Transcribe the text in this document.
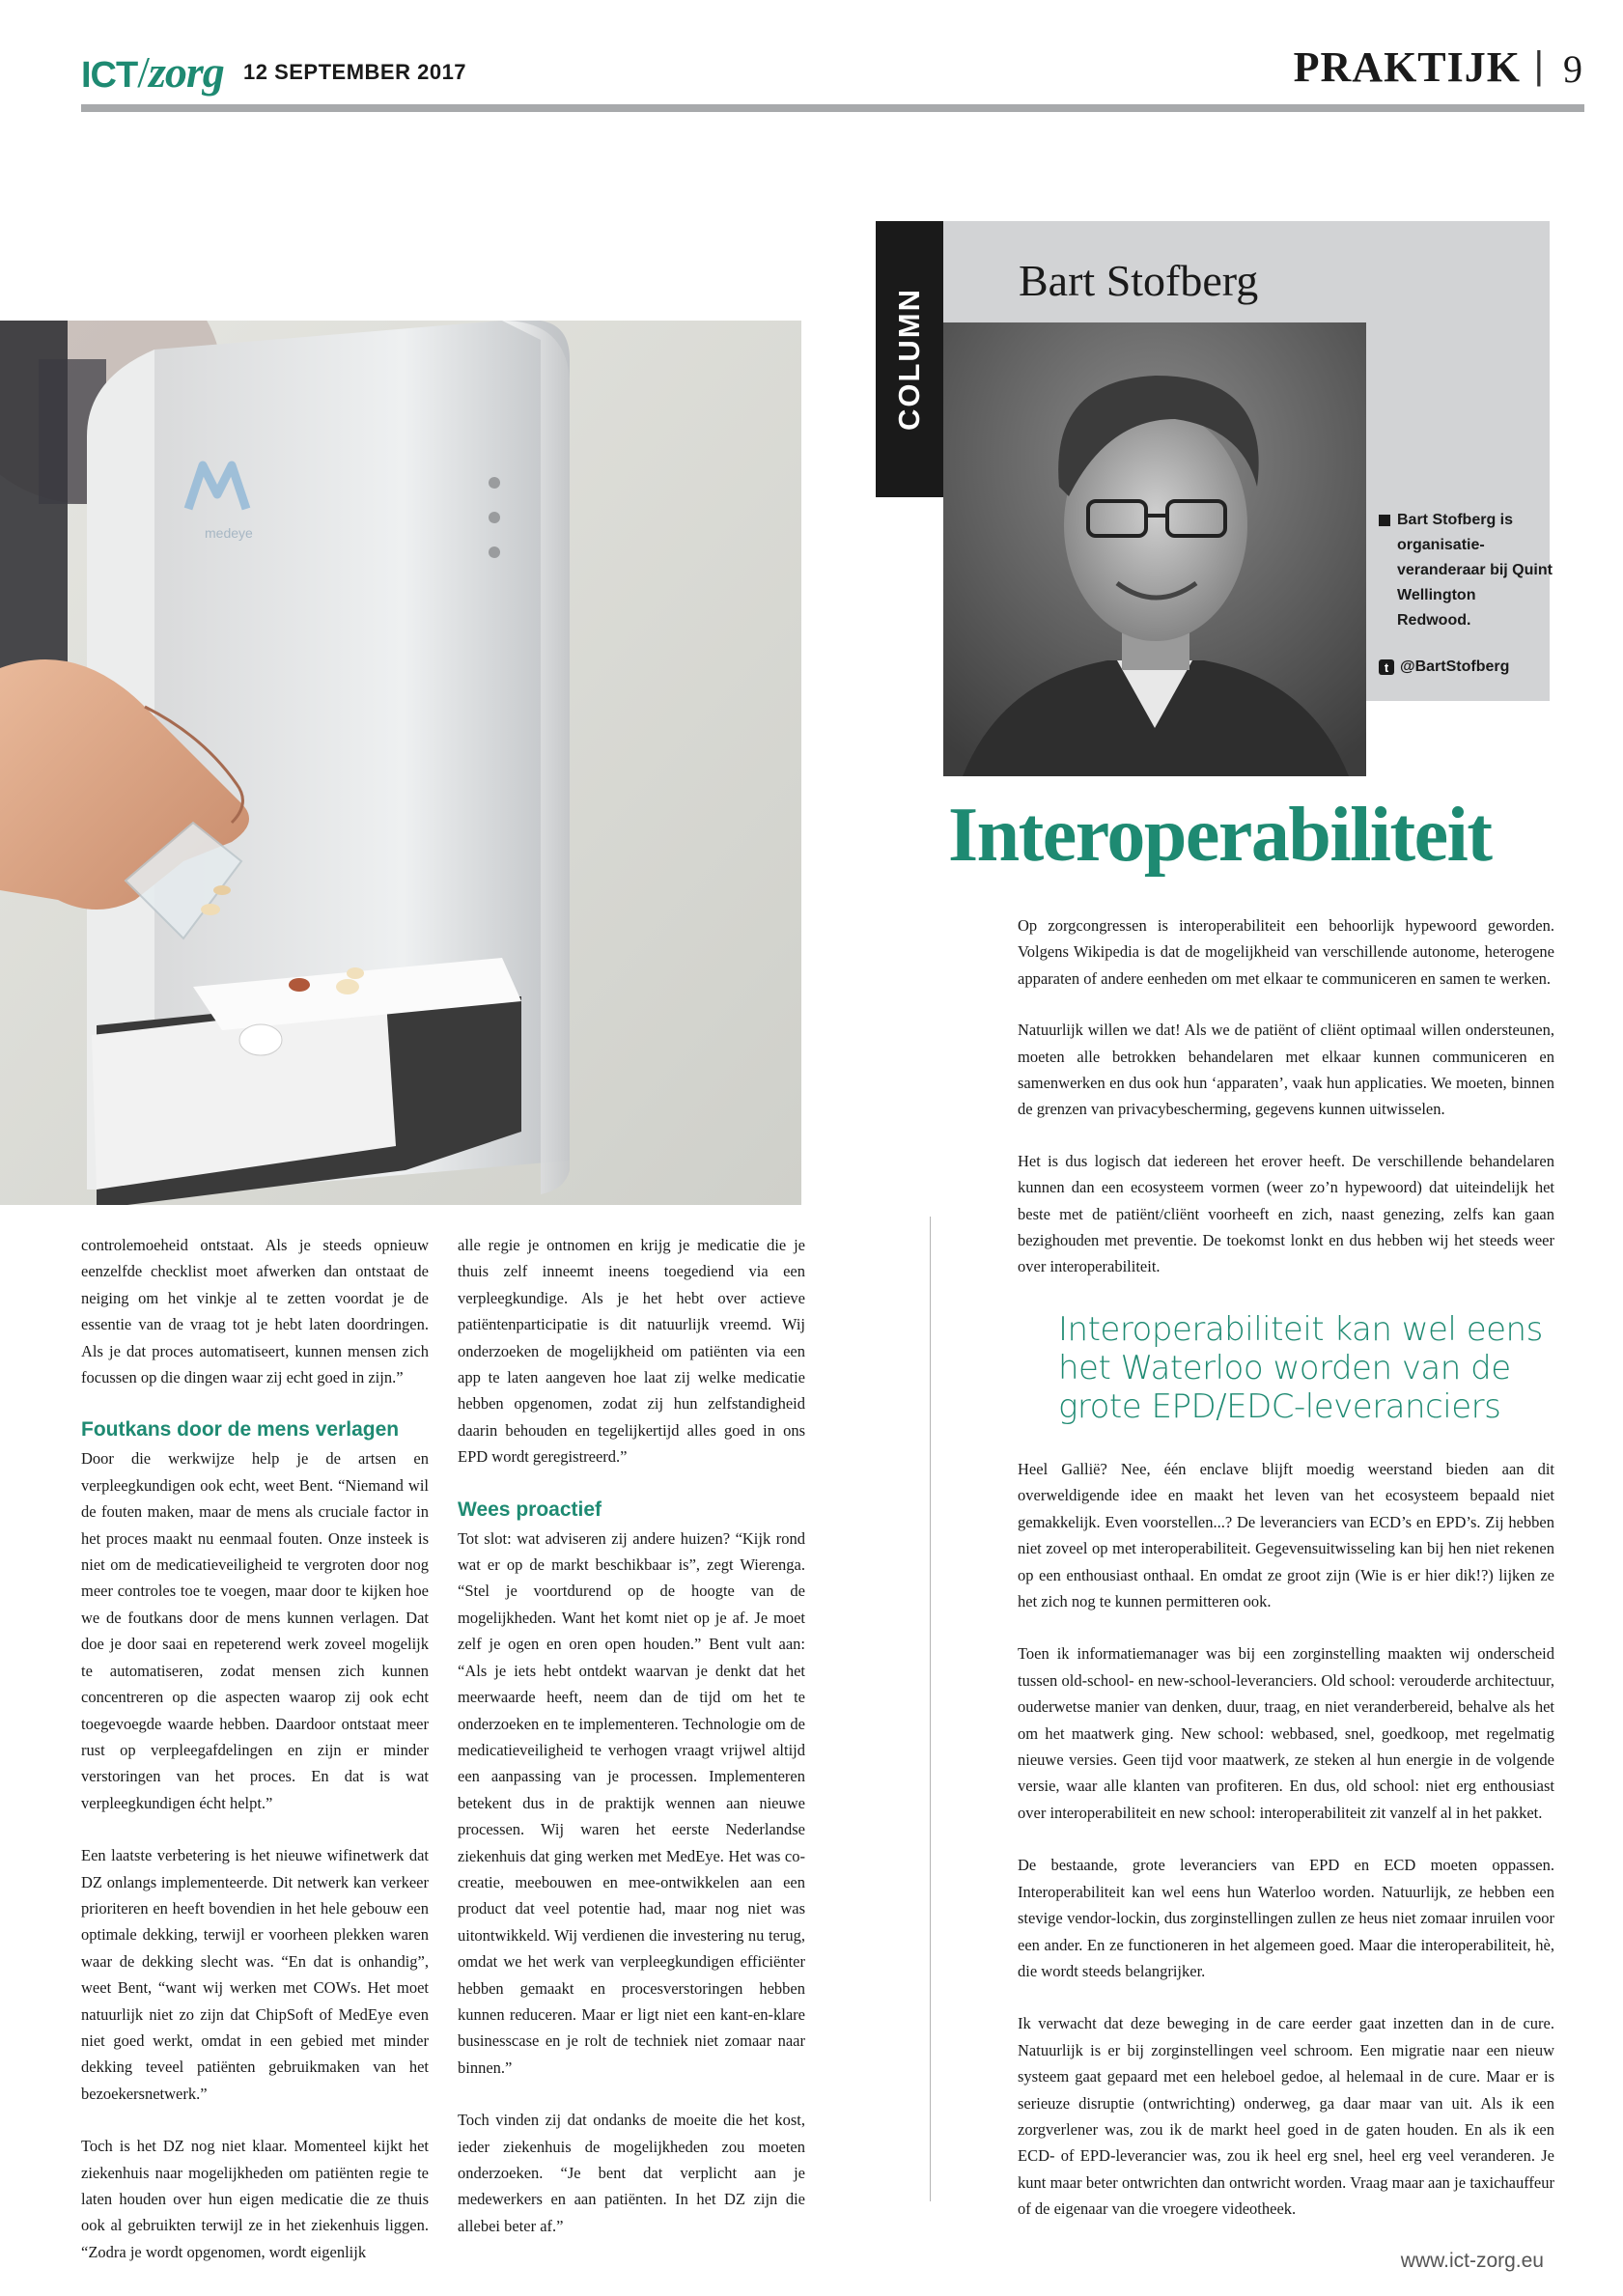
ICT/zorg 12 SEPTEMBER 2017	PRAKTIJK | 9
medeye
COLUMN
Bart Stofberg
Bart Stofberg is organisatie-veranderaar bij Quint Wellington Redwood.
t @BartStofberg
Interoperabiliteit

Op zorgcongressen is interoperabiliteit een behoorlijk hypewoord geworden. Volgens Wikipedia is dat de mogelijkheid van verschillende autonome, heterogene apparaten of andere eenheden om met elkaar te communiceren en samen te werken.

Natuurlijk willen we dat! Als we de patiënt of cliënt optimaal willen ondersteunen, moeten alle betrokken behandelaren met elkaar kunnen communiceren en samenwerken en dus ook hun ‘apparaten’, vaak hun applicaties. We moeten, binnen de grenzen van privacybescherming, gegevens kunnen uitwisselen.

Het is dus logisch dat iedereen het erover heeft. De verschillende behandelaren kunnen dan een ecosysteem vormen (weer zo’n hypewoord) dat uiteindelijk het beste met de patiënt/cliënt voorheeft en zich, naast genezing, zelfs kan gaan bezighouden met preventie. De toekomst lonkt en dus hebben wij het steeds weer over interoperabiliteit.

Interoperabiliteit kan wel eens het Waterloo worden van de grote EPD/EDC-leveranciers

Heel Gallië? Nee, één enclave blijft moedig weerstand bieden aan dit overweldigende idee en maakt het leven van het ecosysteem bepaald niet gemakkelijk. Even voorstellen...? De leveranciers van ECD’s en EPD’s. Zij hebben niet zoveel op met interoperabiliteit. Gegevensuitwisseling kan bij hen niet rekenen op een enthousiast onthaal. En omdat ze groot zijn (Wie is er hier dik!?) lijken ze het zich nog te kunnen permitteren ook.

Toen ik informatiemanager was bij een zorginstelling maakten wij onderscheid tussen old-school- en new-school-leveranciers. Old school: verouderde architectuur, ouderwetse manier van denken, duur, traag, en niet veranderbereid, behalve als het om het maatwerk ging. New school: webbased, snel, goedkoop, met regelmatig nieuwe versies. Geen tijd voor maatwerk, ze steken al hun energie in de volgende versie, waar alle klanten van profiteren. En dus, old school: niet erg enthousiast over interoperabiliteit en new school: interoperabiliteit zit vanzelf al in het pakket.

De bestaande, grote leveranciers van EPD en ECD moeten oppassen. Interoperabiliteit kan wel eens hun Waterloo worden. Natuurlijk, ze hebben een stevige vendor-lockin, dus zorginstellingen zullen ze heus niet zomaar inruilen voor een ander. En ze functioneren in het algemeen goed. Maar die interoperabiliteit, hè, die wordt steeds belangrijker.

Ik verwacht dat deze beweging in de care eerder gaat inzetten dan in de cure. Natuurlijk is er bij zorginstellingen veel schroom. Een migratie naar een nieuw systeem gaat gepaard met een heleboel gedoe, al helemaal in de cure. Maar er is serieuze disruptie (ontwrichting) onderweg, ga daar maar van uit. Als ik een zorgverlener was, zou ik de markt heel goed in de gaten houden. En als ik een ECD- of EPD-leverancier was, zou ik heel erg snel, heel erg veel veranderen. Je kunt maar beter ontwrichten dan ontwricht worden. Vraag maar aan je taxichauffeur of de eigenaar van die vroegere videotheek.

controlemoeheid ontstaat. Als je steeds opnieuw eenzelfde checklist moet afwerken dan ontstaat de neiging om het vinkje al te zetten voordat je de essentie van de vraag tot je hebt laten doordringen. Als je dat proces automatiseert, kunnen mensen zich focussen op die dingen waar zij echt goed in zijn.”

Foutkans door de mens verlagen

Door die werkwijze help je de artsen en verpleegkundigen ook echt, weet Bent. “Niemand wil de fouten maken, maar de mens als cruciale factor in het proces maakt nu eenmaal fouten. Onze insteek is niet om de medicatieveiligheid te vergroten door nog meer controles toe te voegen, maar door te kijken hoe we de foutkans door de mens kunnen verlagen. Dat doe je door saai en repeterend werk zoveel mogelijk te automatiseren, zodat mensen zich kunnen concentreren op die aspecten waarop zij ook echt toegevoegde waarde hebben. Daardoor ontstaat meer rust op verpleegafdelingen en zijn er minder verstoringen van het proces. En dat is wat verpleegkundigen écht helpt.”

Een laatste verbetering is het nieuwe wifinetwerk dat DZ onlangs implementeerde. Dit netwerk kan verkeer prioriteren en heeft bovendien in het hele gebouw een optimale dekking, terwijl er voorheen plekken waren waar de dekking slecht was. “En dat is onhandig”, weet Bent, “want wij werken met COWs. Het moet natuurlijk niet zo zijn dat ChipSoft of MedEye even niet goed werkt, omdat in een gebied met minder dekking teveel patiënten gebruikmaken van het bezoekersnetwerk.”

Toch is het DZ nog niet klaar. Momenteel kijkt het ziekenhuis naar mogelijkheden om patiënten regie te laten houden over hun eigen medicatie die ze thuis ook al gebruikten terwijl ze in het ziekenhuis liggen. “Zodra je wordt opgenomen, wordt eigenlijk

alle regie je ontnomen en krijg je medicatie die je thuis zelf inneemt ineens toegediend via een verpleegkundige. Als je het hebt over actieve patiëntenparticipatie is dit natuurlijk vreemd. Wij onderzoeken de mogelijkheid om patiënten via een app te laten aangeven hoe laat zij welke medicatie hebben opgenomen, zodat zij hun zelfstandigheid daarin behouden en tegelijkertijd alles goed in ons EPD wordt geregistreerd.”

Wees proactief

Tot slot: wat adviseren zij andere huizen? “Kijk rond wat er op de markt beschikbaar is”, zegt Wierenga. “Stel je voortdurend op de hoogte van de mogelijkheden. Want het komt niet op je af. Je moet zelf je ogen en oren open houden.” Bent vult aan: “Als je iets hebt ontdekt waarvan je denkt dat het meerwaarde heeft, neem dan de tijd om het te onderzoeken en te implementeren. Technologie om de medicatieveiligheid te verhogen vraagt vrijwel altijd een aanpassing van je processen. Implementeren betekent dus in de praktijk wennen aan nieuwe processen. Wij waren het eerste Nederlandse ziekenhuis dat ging werken met MedEye. Het was co-creatie, meebouwen en mee-ontwikkelen aan een product dat veel potentie had, maar nog niet was uitontwikkeld. Wij verdienen die investering nu terug, omdat we het werk van verpleegkundigen efficiënter hebben gemaakt en procesverstoringen hebben kunnen reduceren. Maar er ligt niet een kant-en-klare businesscase en je rolt de techniek niet zomaar naar binnen.”

Toch vinden zij dat ondanks de moeite die het kost, ieder ziekenhuis de mogelijkheden zou moeten onderzoeken. “Je bent dat verplicht aan je medewerkers en aan patiënten. In het DZ zijn die allebei beter af.”

www.ict-zorg.eu
